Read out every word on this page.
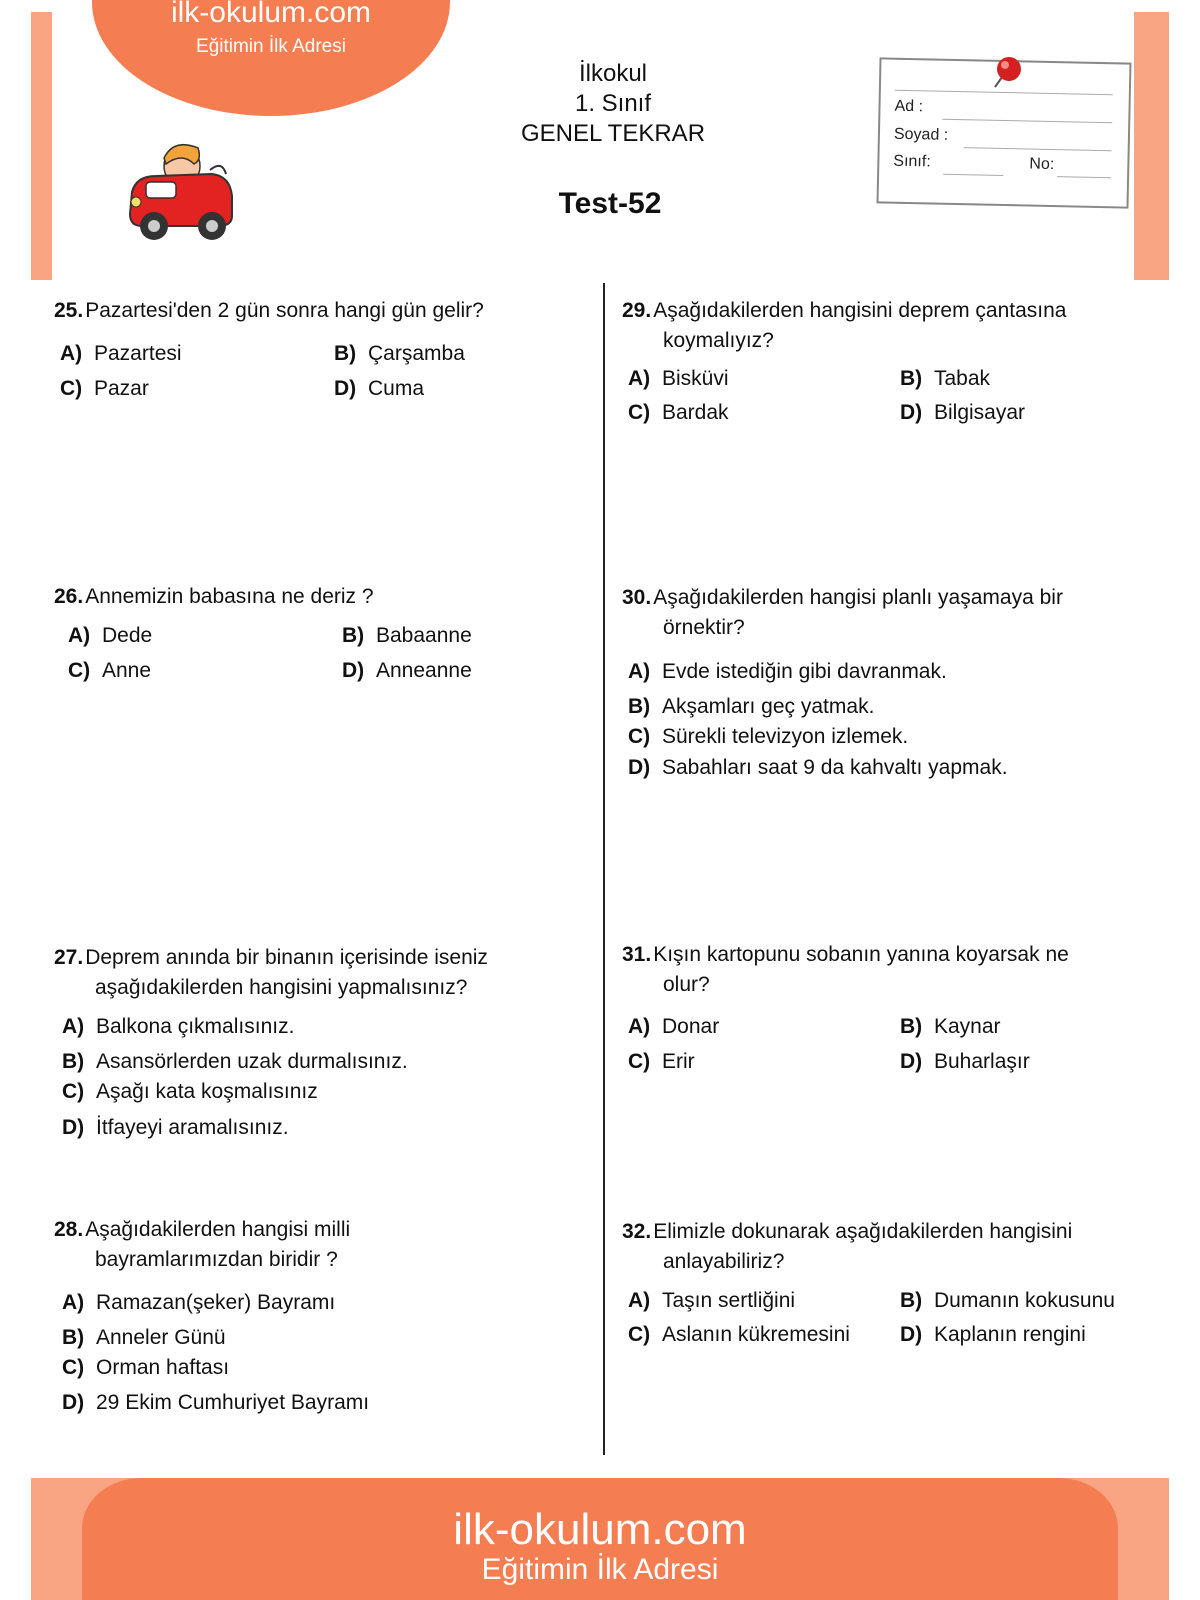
ilk-okulum.com
Eğitimin İlk Adresi
İlkokul
1. Sınıf
GENEL TEKRAR
Test-52
Ad :
Soyad :
Sınıf:	No:
25.Pazartesi'den 2 gün sonra hangi gün gelir?
A) Pazartesi	B) Çarşamba
C) Pazar	D) Cuma
26.Annemizin babasına ne deriz ?
A) Dede	B) Babaanne
C) Anne	D) Anneanne
27.Deprem anında bir binanın içerisinde iseniz
aşağıdakilerden hangisini yapmalısınız?
A) Balkona çıkmalısınız.
B) Asansörlerden uzak durmalısınız.
C) Aşağı kata koşmalısınız
D) İtfayeyi aramalısınız.
28.Aşağıdakilerden hangisi milli
bayramlarımızdan biridir ?
A) Ramazan(şeker) Bayramı
B) Anneler Günü
C) Orman haftası
D) 29 Ekim Cumhuriyet Bayramı
29.Aşağıdakilerden hangisini deprem çantasına
koymalıyız?
A) Bisküvi	B) Tabak
C) Bardak	D) Bilgisayar
30.Aşağıdakilerden hangisi planlı yaşamaya bir
örnektir?
A) Evde istediğin gibi davranmak.
B) Akşamları geç yatmak.
C) Sürekli televizyon izlemek.
D) Sabahları saat 9 da kahvaltı yapmak.
31.Kışın kartopunu sobanın yanına koyarsak ne
olur?
A) Donar	B) Kaynar
C) Erir	D) Buharlaşır
32.Elimizle dokunarak aşağıdakilerden hangisini
anlayabiliriz?
A) Taşın sertliğini	B) Dumanın kokusunu
C) Aslanın kükremesini D) Kaplanın rengini
ilk-okulum.com
Eğitimin İlk Adresi
